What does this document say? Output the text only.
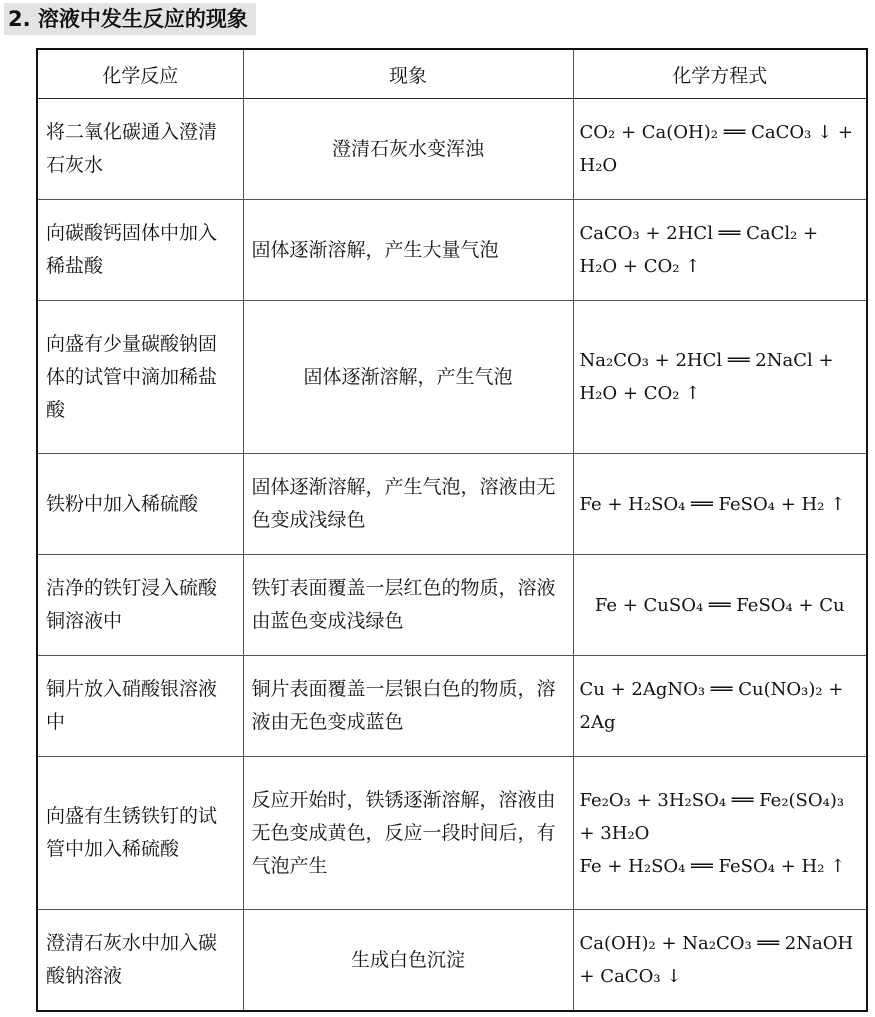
2. 溶液中发生反应的现象
化学反应	现象	化学方程式
将二氧化碳通入澄清石灰水	澄清石灰水变浑浊	CO₂ + Ca(OH)₂ ══ CaCO₃ ↓ + H₂O

向碳酸钙固体中加入稀盐酸	固体逐渐溶解，产生大量气泡	CaCO₃ + 2HCl ══ CaCl₂ + H₂O + CO₂ ↑

向盛有少量碳酸钠固体的试管中滴加稀盐酸	固体逐渐溶解，产生气泡	Na₂CO₃ + 2HCl ══ 2NaCl + H₂O + CO₂ ↑

铁粉中加入稀硫酸	固体逐渐溶解，产生气泡，溶液由无色变成浅绿色	Fe + H₂SO₄ ══ FeSO₄ + H₂ ↑

洁净的铁钉浸入硫酸铜溶液中	铁钉表面覆盖一层红色的物质，溶液由蓝色变成浅绿色	Fe + CuSO₄ ══ FeSO₄ + Cu

铜片放入硝酸银溶液中	铜片表面覆盖一层银白色的物质，溶液由无色变成蓝色	Cu + 2AgNO₃ ══ Cu(NO₃)₂ + 2Ag

向盛有生锈铁钉的试管中加入稀硫酸	反应开始时，铁锈逐渐溶解，溶液由无色变成黄色，反应一段时间后，有气泡产生	Fe₂O₃ + 3H₂SO₄ ══ Fe₂(SO₄)₃ + 3H₂O
Fe + H₂SO₄ ══ FeSO₄ + H₂ ↑

澄清石灰水中加入碳酸钠溶液	生成白色沉淀	Ca(OH)₂ + Na₂CO₃ ══ 2NaOH + CaCO₃ ↓
